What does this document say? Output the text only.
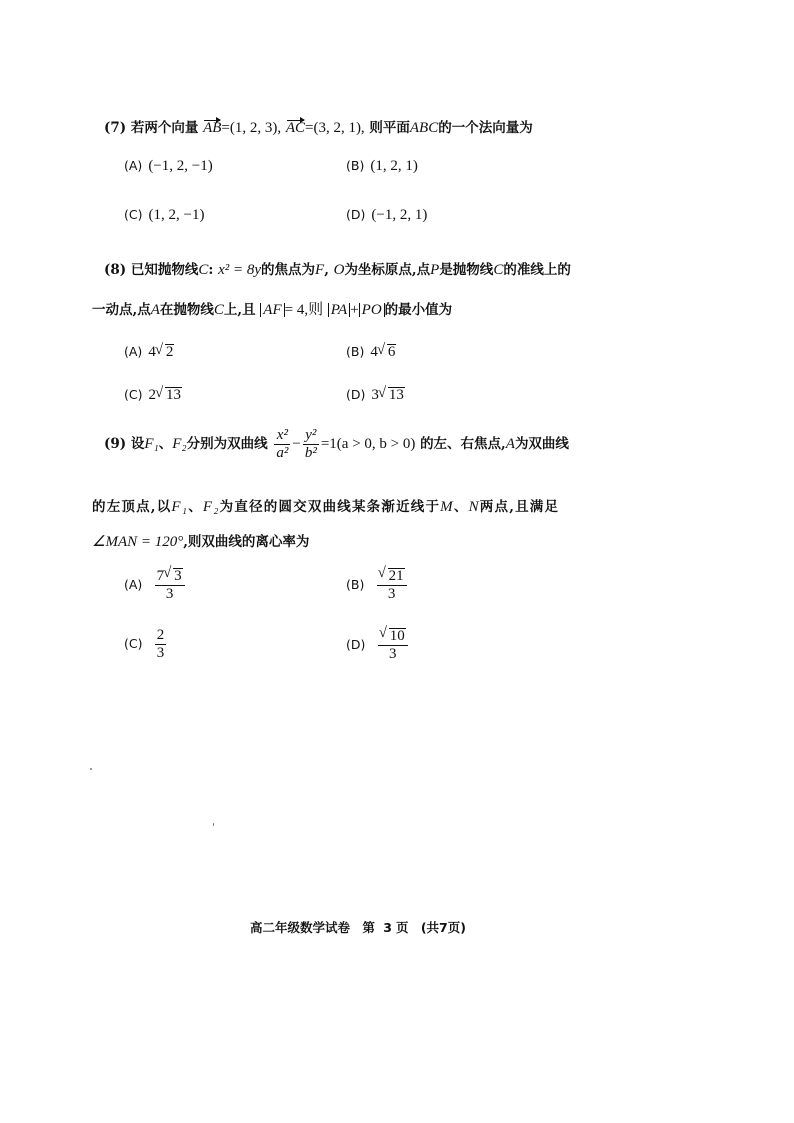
(7) 若两个向量 AB=(1, 2, 3), AC=(3, 2, 1), 则平面ABC的一个法向量为
(A) (−1, 2, −1)	(B) (1, 2, 1)
(C) (1, 2, −1)	(D) (−1, 2, 1)
(8) 已知抛物线C: x² = 8y的焦点为F, O为坐标原点,点P是抛物线C的准线上的
一动点,点A在抛物线C上,且 AF = 4,则 PA + PO 的最小值为
(A) 4 √ 2	(B) 4 √ 6
(C) 2 √ 13	(D) 3 √ 13
(9) 设F₁、F₂分别为双曲线 $\frac{\text{x²}}{\text{a²}} - \frac{\text{y²}}{\text{b²}} =1(a > 0$, b > 0) 的左、右焦点,A为双曲线
的左顶点,以F₁、F₂为直径的圆交双曲线某条渐近线于M、N两点,且满足
∠MAN = 120°,则双曲线的离心率为
$(A) \frac{7 √ 3}{3}$	(B) √ $\frac{21}{3}$
$(C) \frac{2}{3}$	(D) √ $\frac{10}{3}$
高二年级数学试卷 第 3 页 (共7页)
